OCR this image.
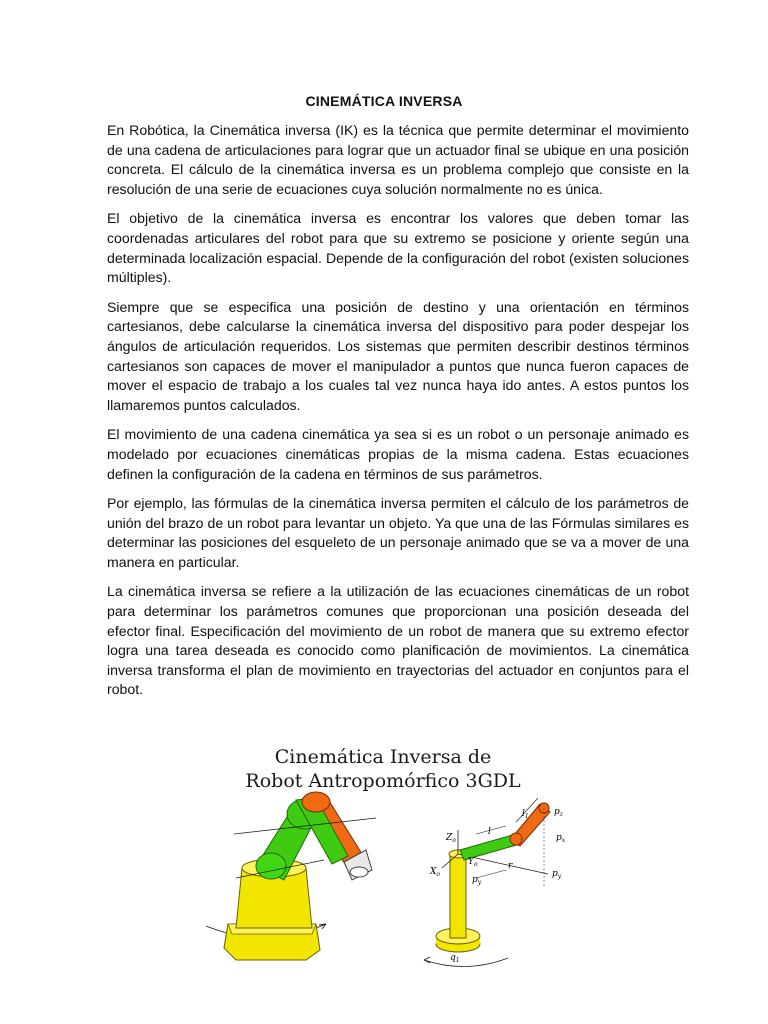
CINEMÁTICA INVERSA

En Robótica, la Cinemática inversa (IK) es la técnica que permite determinar el movimiento de una cadena de articulaciones para lograr que un actuador final se ubique en una posición concreta. El cálculo de la cinemática inversa es un problema complejo que consiste en la resolución de una serie de ecuaciones cuya solución normalmente no es única.

El objetivo de la cinemática inversa es encontrar los valores que deben tomar las coordenadas articulares del robot para que su extremo se posicione y oriente según una determinada localización espacial. Depende de la configuración del robot (existen soluciones múltiples).

Siempre que se especifica una posición de destino y una orientación en términos cartesianos, debe calcularse la cinemática inversa del dispositivo para poder despejar los ángulos de articulación requeridos. Los sistemas que permiten describir destinos términos cartesianos son capaces de mover el manipulador a puntos que nunca fueron capaces de mover el espacio de trabajo a los cuales tal vez nunca haya ido antes. A estos puntos los llamaremos puntos calculados.

El movimiento de una cadena cinemática ya sea si es un robot o un personaje animado es modelado por ecuaciones cinemáticas propias de la misma cadena. Estas ecuaciones definen la configuración de la cadena en términos de sus parámetros.

Por ejemplo, las fórmulas de la cinemática inversa permiten el cálculo de los parámetros de unión del brazo de un robot para levantar un objeto. Ya que una de las Fórmulas similares es determinar las posiciones del esqueleto de un personaje animado que se va a mover de una manera en particular.

La cinemática inversa se refiere a la utilización de las ecuaciones cinemáticas de un robot para determinar los parámetros comunes que proporcionan una posición deseada del efector final. Especificación del movimiento de un robot de manera que su extremo efector logra una tarea deseada es conocido como planificación de movimientos. La cinemática inversa transforma el plan de movimiento en trayectorias del actuador en conjuntos para el robot.

Cinemática Inversa de
Robot Antropomórfico 3GDL
$Z_o$
$X_o$
$Y_o$
l
$l_1$	$p_z$
$p_x$
$p_y$
r
$p_y$
$q_1$
